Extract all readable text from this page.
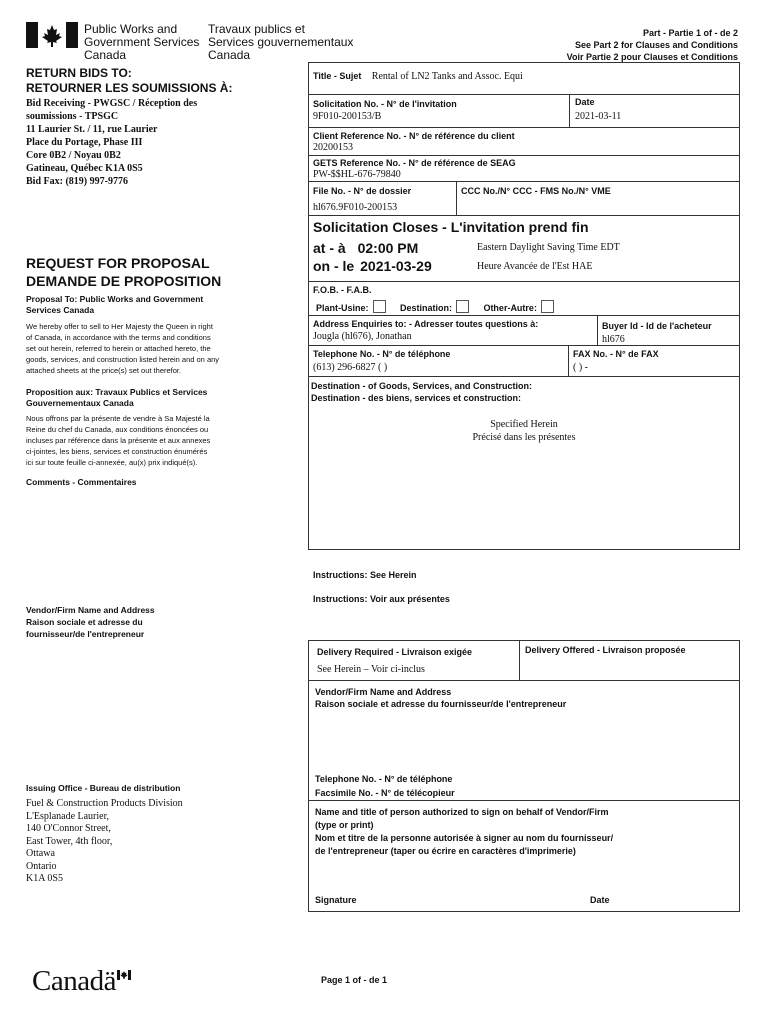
Public Works and
Government Services
Canada
Travaux publics et
Services gouvernementaux
Canada
Part - Partie 1 of - de 2
See Part 2 for Clauses and Conditions
Voir Partie 2 pour Clauses et Conditions
RETURN BIDS TO:
RETOURNER LES SOUMISSIONS À:
Bid Receiving - PWGSC / Réception des
soumissions - TPSGC
11 Laurier St. / 11, rue Laurier
Place du Portage, Phase III
Core 0B2 / Noyau 0B2
Gatineau, Québec K1A 0S5
Bid Fax: (819) 997-9776
REQUEST FOR PROPOSAL
DEMANDE DE PROPOSITION
Proposal To: Public Works and Government
Services Canada
We hereby offer to sell to Her Majesty the Queen in right
of Canada, in accordance with the terms and conditions
set out herein, referred to herein or attached hereto, the
goods, services, and construction listed herein and on any
attached sheets at the price(s) set out therefor.
Proposition aux: Travaux Publics et Services
Gouvernementaux Canada
Nous offrons par la présente de vendre à Sa Majesté la
Reine du chef du Canada, aux conditions énoncées ou
incluses par référence dans la présente et aux annexes
ci-jointes, les biens, services et construction énumérés
ici sur toute feuille ci-annexée, au(x) prix indiqué(s).
Comments - Commentaires
Vendor/Firm Name and Address
Raison sociale et adresse du
fournisseur/de l'entrepreneur
Issuing Office - Bureau de distribution
Fuel & Construction Products Division
L'Esplanade Laurier,
140 O'Connor Street,
East Tower, 4th floor,
Ottawa
Ontario
K1A 0S5
Title - Sujet Rental of LN2 Tanks and Assoc. Equi
Solicitation No. - N° de l'invitation
9F010-200153/B
Date
2021-03-11
Client Reference No. - N° de référence du client
20200153
GETS Reference No. - N° de référence de SEAG
PW-$$HL-676-79840
File No. - N° de dossier
hl676.9F010-200153
CCC No./N° CCC - FMS No./N° VME
Solicitation Closes - L'invitation prend fin
at - à 02:00 PM
on - le 2021-03-29
Eastern Daylight Saving Time EDT
Heure Avancée de l'Est HAE
F.O.B. - F.A.B.
Plant-Usine:	Destination:	Other-Autre:
Address Enquiries to: - Adresser toutes questions à:
Jougla (hl676), Jonathan
Buyer Id - Id de l'acheteur
hl676
Telephone No. - N° de téléphone
(613) 296-6827 ( )
FAX No. - N° de FAX
( ) -
Destination - of Goods, Services, and Construction:
Destination - des biens, services et construction:
Specified Herein
Précisé dans les présentes
Instructions: See Herein
Instructions: Voir aux présentes
Delivery Required - Livraison exigée
See Herein – Voir ci-inclus
Delivery Offered - Livraison proposée
Vendor/Firm Name and Address
Raison sociale et adresse du fournisseur/de l'entrepreneur
Telephone No. - N° de téléphone
Facsimile No. - N° de télécopieur
Name and title of person authorized to sign on behalf of Vendor/Firm
(type or print)
Nom et titre de la personne autorisée à signer au nom du fournisseur/
de l'entrepreneur (taper ou écrire en caractères d'imprimerie)
Signature	Date
Canadä	Page 1 of - de 1
